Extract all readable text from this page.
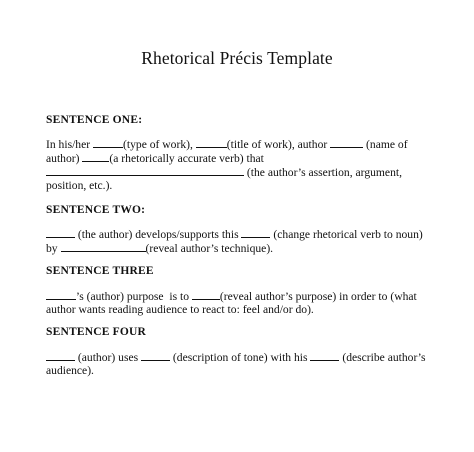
Rhetorical Précis Template
SENTENCE ONE:
In his/her	(type of work),	(title of work), author	(name of
author) (a rhetorically accurate verb) that
(the author’s assertion, argument,
position, etc.).
SENTENCE TWO:
(the author) develops/supports this	(change rhetorical verb to noun)
by	(reveal author’s technique).
SENTENCE THREE
’s (author) purpose  is to (reveal author’s purpose) in order to (what
author wants reading audience to react to: feel and/or do).
SENTENCE FOUR
(author) uses	(description of tone) with his	(describe author’s
audience).
